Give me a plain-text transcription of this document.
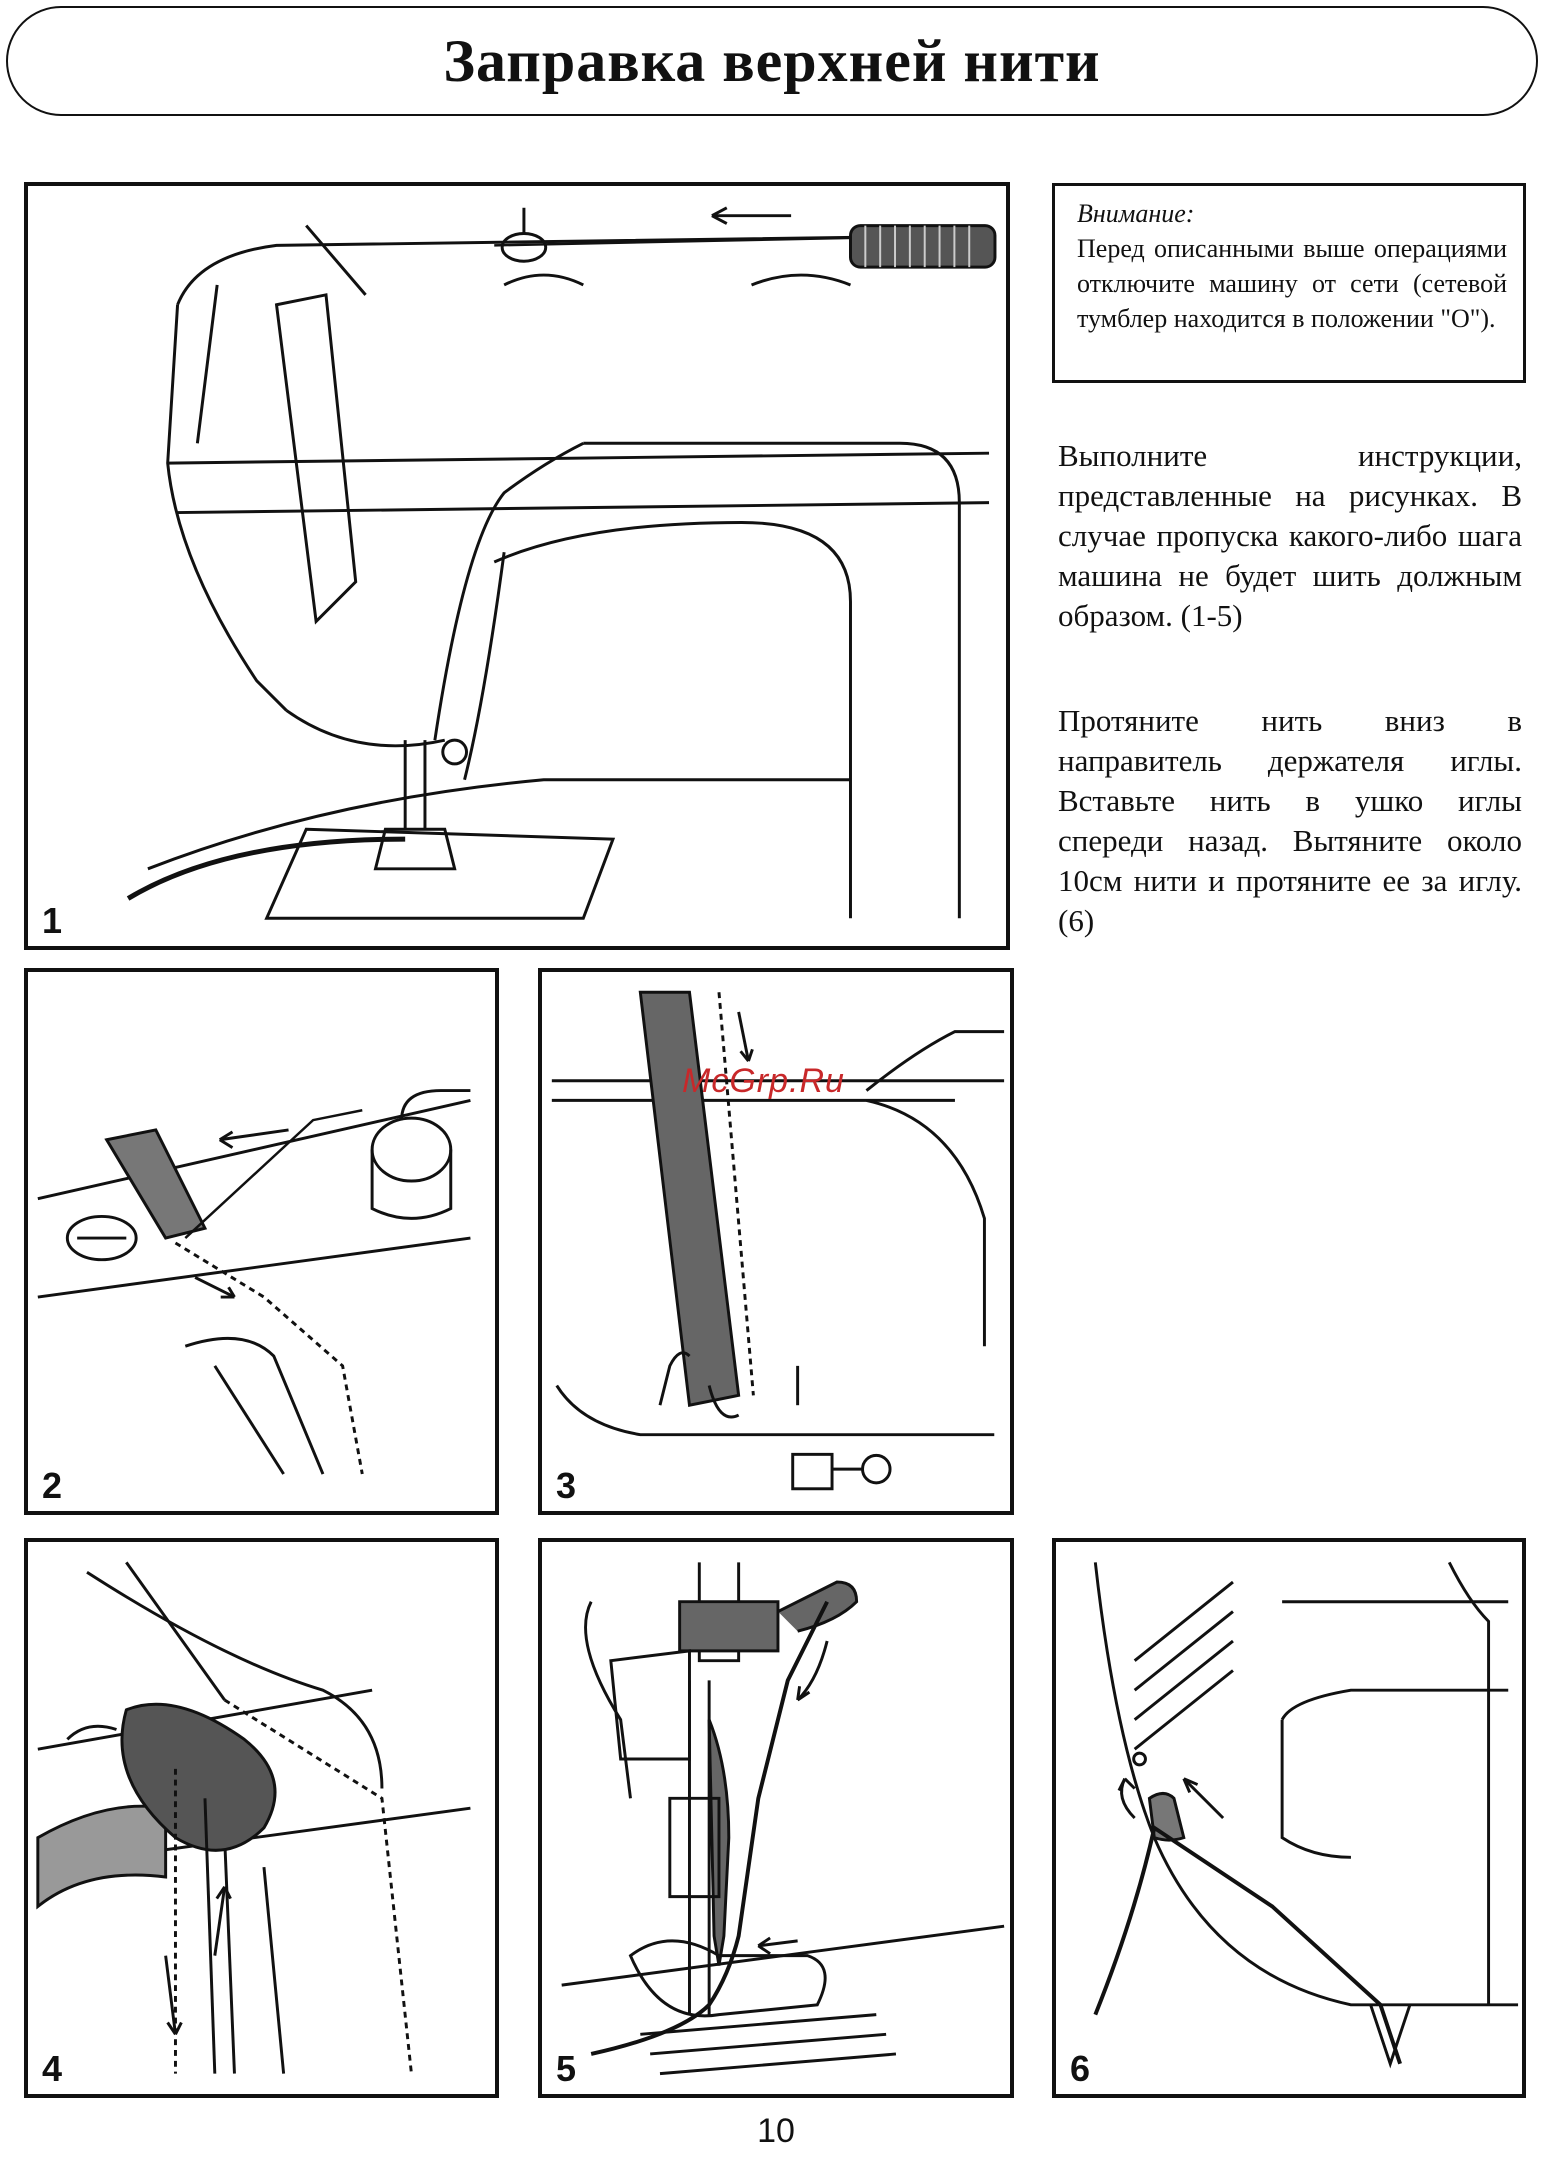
Заправка верхней нити
1
Внимание:
Перед описанными выше операциями отключите машину от сети (сетевой тумблер находится в положении "О").
Выполните инструкции, представленные на рисунках. В случае пропуска какого-либо шага машина не будет шить должным образом. (1-5)
Протяните нить вниз в направитель держателя иглы. Вставьте нить в ушко иглы спереди назад. Вытяните около 10см нити и протяните ее за иглу. (6)
2
McGrp.Ru
3
4	5	6
10
